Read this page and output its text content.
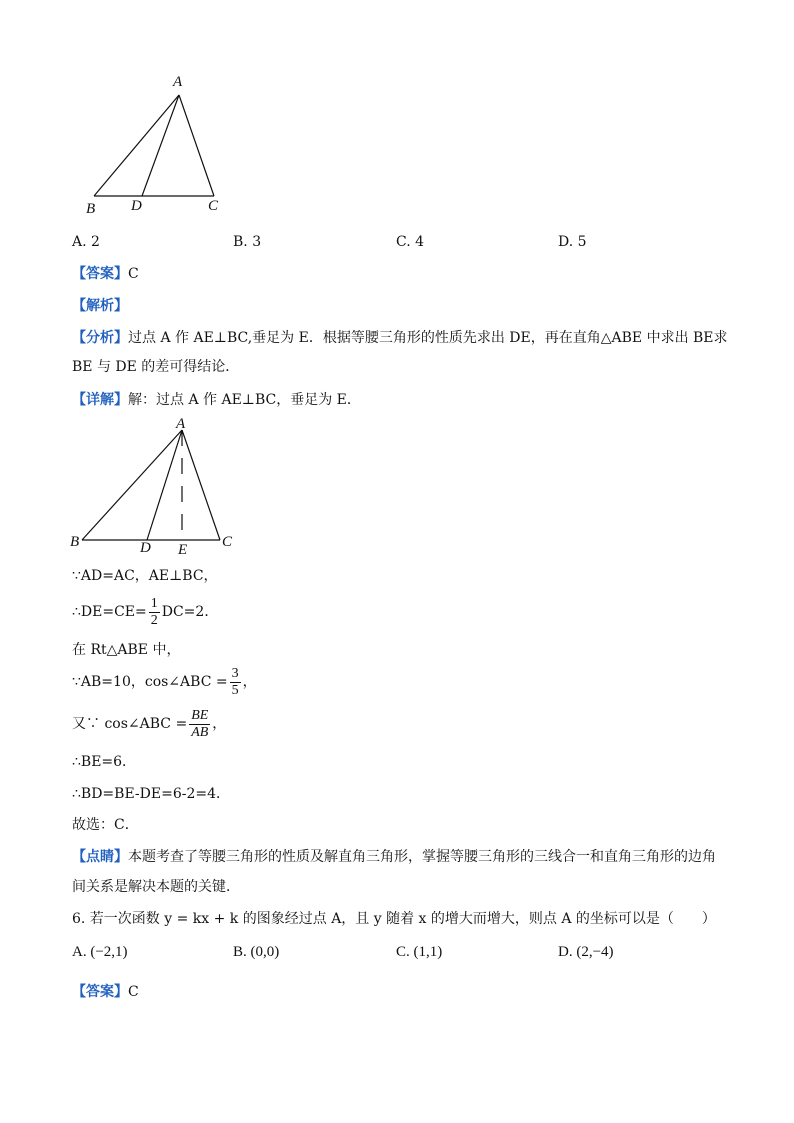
A
B D	C
A. 2	B. 3	C. 4	D. 5
【答案】C
【解析】
【分析】过点 A 作 AE⊥BC,垂足为 E．根据等腰三角形的性质先求出 DE，再在直角△ABE 中求出 BE求
BE 与 DE 的差可得结论．
【详解】解：过点 A 作 AE⊥BC，垂足为 E．
A
B	D E C
∵AD=AC，AE⊥BC，
∴DE=CE= $\frac{1}{2} DC=2$．
在 Rt△ABE 中，
∵AB=10，cos∠ABC = $\frac{3}{5}$ ，
又∵ cos∠ABC = $\frac{BE}{AB}$ ，
∴BE=6．
∴BD=BE-DE=6-2=4．
故选：C．
【点睛】本题考查了等腰三角形的性质及解直角三角形，掌握等腰三角形的三线合一和直角三角形的边角
间关系是解决本题的关键．
6. 若一次函数 y = kx + k 的图象经过点 A，且 y 随着 x 的增大而增大，则点 A 的坐标可以是（　　）
A. (−2,1)	B. (0,0)	C. (1,1)	D. (2,−4)
【答案】C
